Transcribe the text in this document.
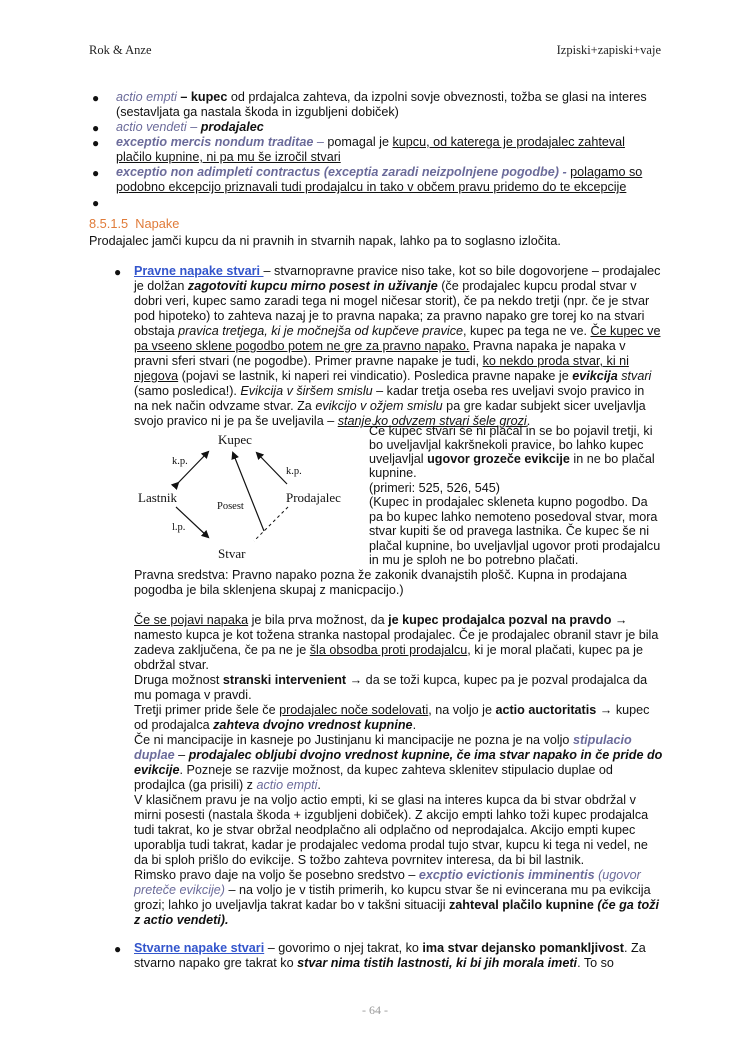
Rok & Anze	Izpiski+zapiski+vaje
● actio empti – kupec od prdajalca zahteva, da izpolni sovje obveznosti, tožba se glasi na interes
(sestavljata ga nastala škoda in izgubljeni dobiček)
● actio vendeti – prodajalec
● exceptio mercis nondum traditae – pomagal je kupcu, od katerega je prodajalec zahteval
plačilo kupnine, ni pa mu še izročil stvari
● exceptio non adimpleti contractus (exceptia zaradi neizpolnjene pogodbe) - polagamo so
podobno ekcepcijo priznavali tudi prodajalcu in tako v občem pravu pridemo do te ekcepcije
●
8.5.1.5 Napake
Prodajalec jamči kupcu da ni pravnih in stvarnih napak, lahko pa to soglasno izločita.
● Pravne napake stvari – stvarnopravne pravice niso take, kot so bile dogovorjene – prodajalec
je dolžan zagotoviti kupcu mirno posest in uživanje (če prodajalec kupcu prodal stvar v
dobri veri, kupec samo zaradi tega ni mogel ničesar storit), če pa nekdo tretji (npr. če je stvar
pod hipoteko) to zahteva nazaj je to pravna napaka; za pravno napako gre torej ko na stvari
obstaja pravica tretjega, ki je močnejša od kupčeve pravice, kupec pa tega ne ve. Če kupec ve
pa vseeno sklene pogodbo potem ne gre za pravno napako. Pravna napaka je napaka v
pravni sferi stvari (ne pogodbe). Primer pravne napake je tudi, ko nekdo proda stvar, ki ni
njegova (pojavi se lastnik, ki naperi rei vindicatio). Posledica pravne napake je evikcija stvari
(samo posledica!). Evikcija v širšem smislu – kadar tretja oseba res uveljavi svojo pravico in
na nek način odvzame stvar. Za evikcijo v ožjem smislu pa gre kadar subjekt sicer uveljavlja
svojo pravico ni je pa še uveljavila – stanje ko odvzem stvari šele grozi.
Kupec
k.p.
k.p.
Lastnik
Posest
Prodajalec
l.p.
Stvar
Če kupec stvari še ni plačal in se bo pojavil tretji, ki
bo uveljavljal kakršnekoli pravice, bo lahko kupec
uveljavljal ugovor grozeče evikcije in ne bo plačal
kupnine.
(primeri: 525, 526, 545)
(Kupec in prodajalec skleneta kupno pogodbo. Da
pa bo kupec lahko nemoteno posedoval stvar, mora
stvar kupiti še od pravega lastnika. Če kupec še ni
plačal kupnine, bo uveljavljal ugovor proti prodajalcu
in mu je sploh ne bo potrebno plačati.
Pravna sredstva: Pravno napako pozna že zakonik dvanajstih plošč. Kupna in prodajana
pogodba je bila sklenjena skupaj z manicpacijo.)
Če se pojavi napaka je bila prva možnost, da je kupec prodajalca pozval na pravdo →
namesto kupca je kot tožena stranka nastopal prodajalec. Če je prodajalec obranil stavr je bila
zadeva zaključena, če pa ne je šla obsodba proti prodajalcu, ki je moral plačati, kupec pa je
obdržal stvar.
Druga možnost stranski intervenient → da se toži kupca, kupec pa je pozval prodajalca da
mu pomaga v pravdi.
Tretji primer pride šele če prodajalec noče sodelovati, na voljo je actio auctoritatis → kupec
od prodajalca zahteva dvojno vrednost kupnine.
Če ni mancipacije in kasneje po Justinjanu ki mancipacije ne pozna je na voljo stipulacio
duplae – prodajalec obljubi dvojno vrednost kupnine, če ima stvar napako in če pride do
evikcije. Pozneje se razvije možnost, da kupec zahteva sklenitev stipulacio duplae od
prodajlca (ga prisili) z actio empti.
V klasičnem pravu je na voljo actio empti, ki se glasi na interes kupca da bi stvar obdržal v
mirni posesti (nastala škoda + izgubljeni dobiček). Z akcijo empti lahko toži kupec prodajalca
tudi takrat, ko je stvar obržal neodplačno ali odplačno od neprodajalca. Akcijo empti kupec
uporablja tudi takrat, kadar je prodajalec vedoma prodal tujo stvar, kupcu ki tega ni vedel, ne
da bi sploh prišlo do evikcije. S tožbo zahteva povrnitev interesa, da bi bil lastnik.
Rimsko pravo daje na voljo še posebno sredstvo – excptio evictionis imminentis (ugovor
preteče evikcije) – na voljo je v tistih primerih, ko kupcu stvar še ni evincerana mu pa evikcija
grozi; lahko jo uveljavlja takrat kadar bo v takšni situaciji zahteval plačilo kupnine (če ga toži
z actio vendeti).
● Stvarne napake stvari – govorimo o njej takrat, ko ima stvar dejansko pomankljivost. Za
stvarno napako gre takrat ko stvar nima tistih lastnosti, ki bi jih morala imeti. To so
- 64 -
